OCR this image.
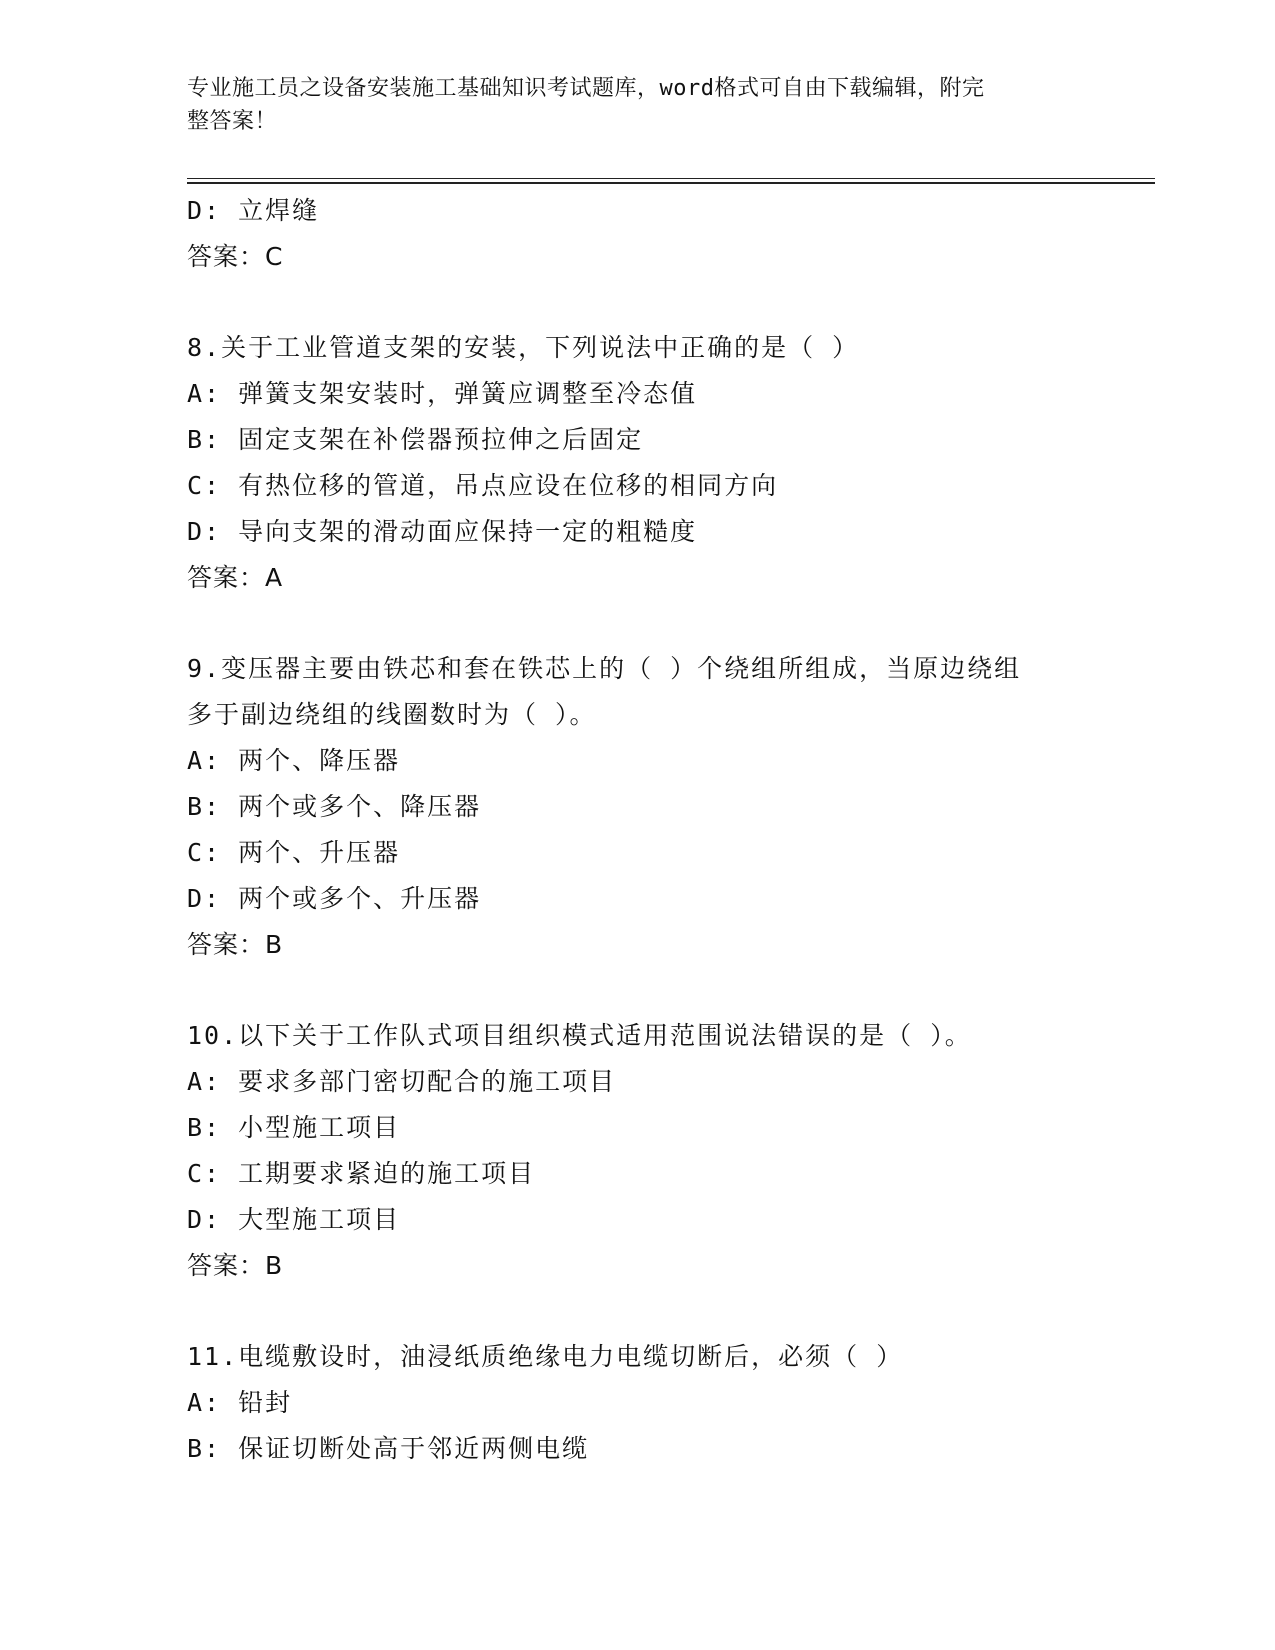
专业施工员之设备安装施工基础知识考试题库，word格式可自由下载编辑，附完
整答案！
D: 立焊缝
答案：C
8.关于工业管道支架的安装，下列说法中正确的是（ ）
A: 弹簧支架安装时，弹簧应调整至冷态值
B: 固定支架在补偿器预拉伸之后固定
C: 有热位移的管道，吊点应设在位移的相同方向
D: 导向支架的滑动面应保持一定的粗糙度
答案：A
9.变压器主要由铁芯和套在铁芯上的（ ）个绕组所组成，当原边绕组
多于副边绕组的线圈数时为（ ）。
A: 两个、降压器
B: 两个或多个、降压器
C: 两个、升压器
D: 两个或多个、升压器
答案：B
10.以下关于工作队式项目组织模式适用范围说法错误的是（ ）。
A: 要求多部门密切配合的施工项目
B: 小型施工项目
C: 工期要求紧迫的施工项目
D: 大型施工项目
答案：B
11.电缆敷设时，油浸纸质绝缘电力电缆切断后，必须（ ）
A: 铅封
B: 保证切断处高于邻近两侧电缆
